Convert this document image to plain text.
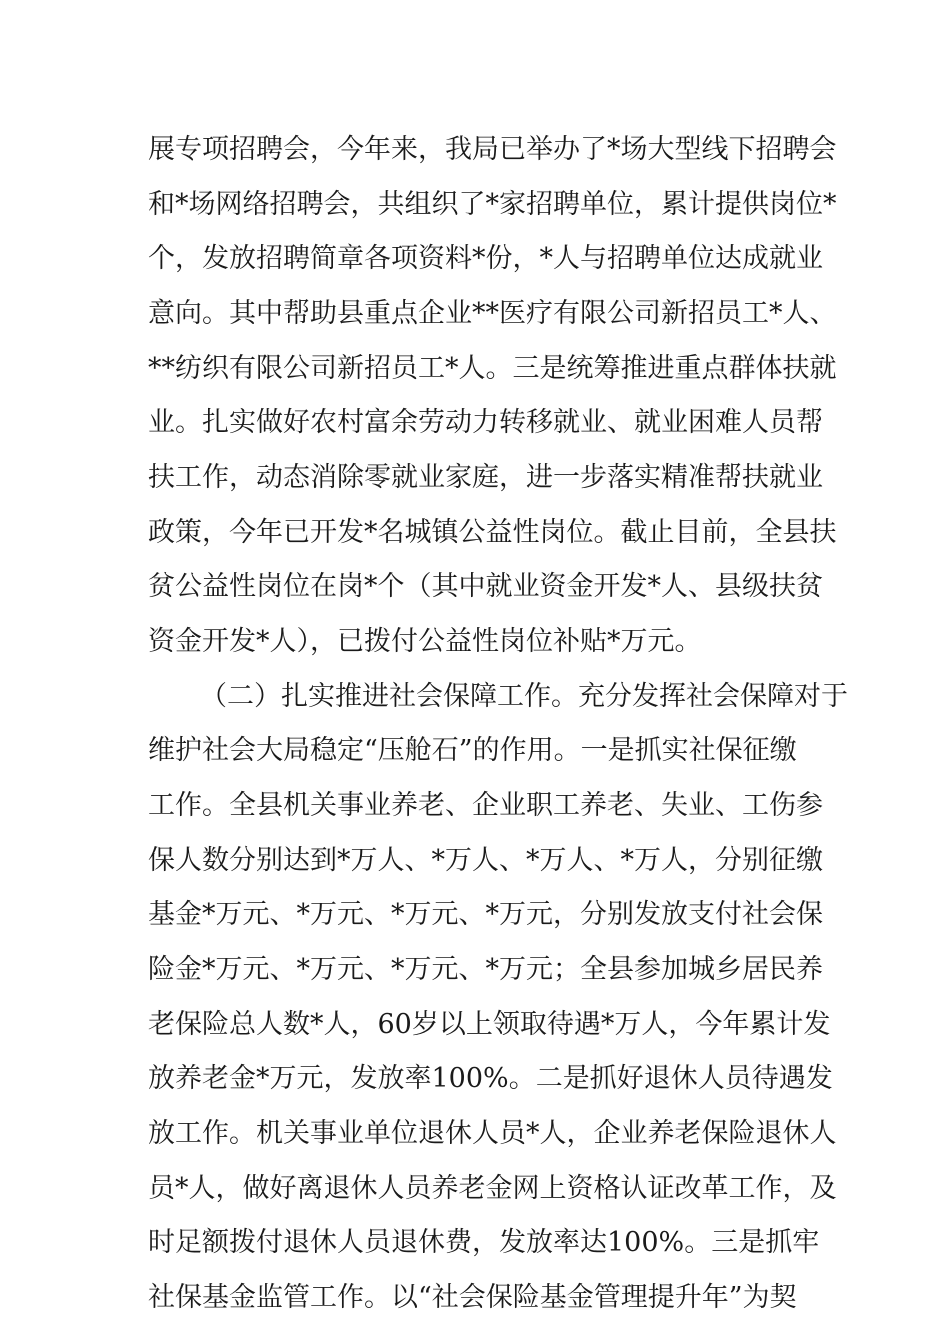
展专项招聘会，今年来，我局已举办了*场大型线下招聘会
和*场网络招聘会，共组织了*家招聘单位，累计提供岗位*
个，发放招聘简章各项资料*份，*人与招聘单位达成就业
意向。其中帮助县重点企业**医疗有限公司新招员工*人、
**纺织有限公司新招员工*人。三是统筹推进重点群体扶就
业。扎实做好农村富余劳动力转移就业、就业困难人员帮
扶工作，动态消除零就业家庭，进一步落实精准帮扶就业
政策，今年已开发*名城镇公益性岗位。截止目前，全县扶
贫公益性岗位在岗*个（其中就业资金开发*人、县级扶贫
资金开发*人），已拨付公益性岗位补贴*万元。
（二）扎实推进社会保障工作。充分发挥社会保障对于
维护社会大局稳定“压舱石”的作用。一是抓实社保征缴
工作。全县机关事业养老、企业职工养老、失业、工伤参
保人数分别达到*万人、*万人、*万人、*万人，分别征缴
基金*万元、*万元、*万元、*万元，分别发放支付社会保
险金*万元、*万元、*万元、*万元；全县参加城乡居民养
老保险总人数*人，60岁以上领取待遇*万人，今年累计发
放养老金*万元，发放率100%。二是抓好退休人员待遇发
放工作。机关事业单位退休人员*人，企业养老保险退休人
员*人，做好离退休人员养老金网上资格认证改革工作，及
时足额拨付退休人员退休费，发放率达100%。三是抓牢
社保基金监管工作。以“社会保险基金管理提升年”为契
